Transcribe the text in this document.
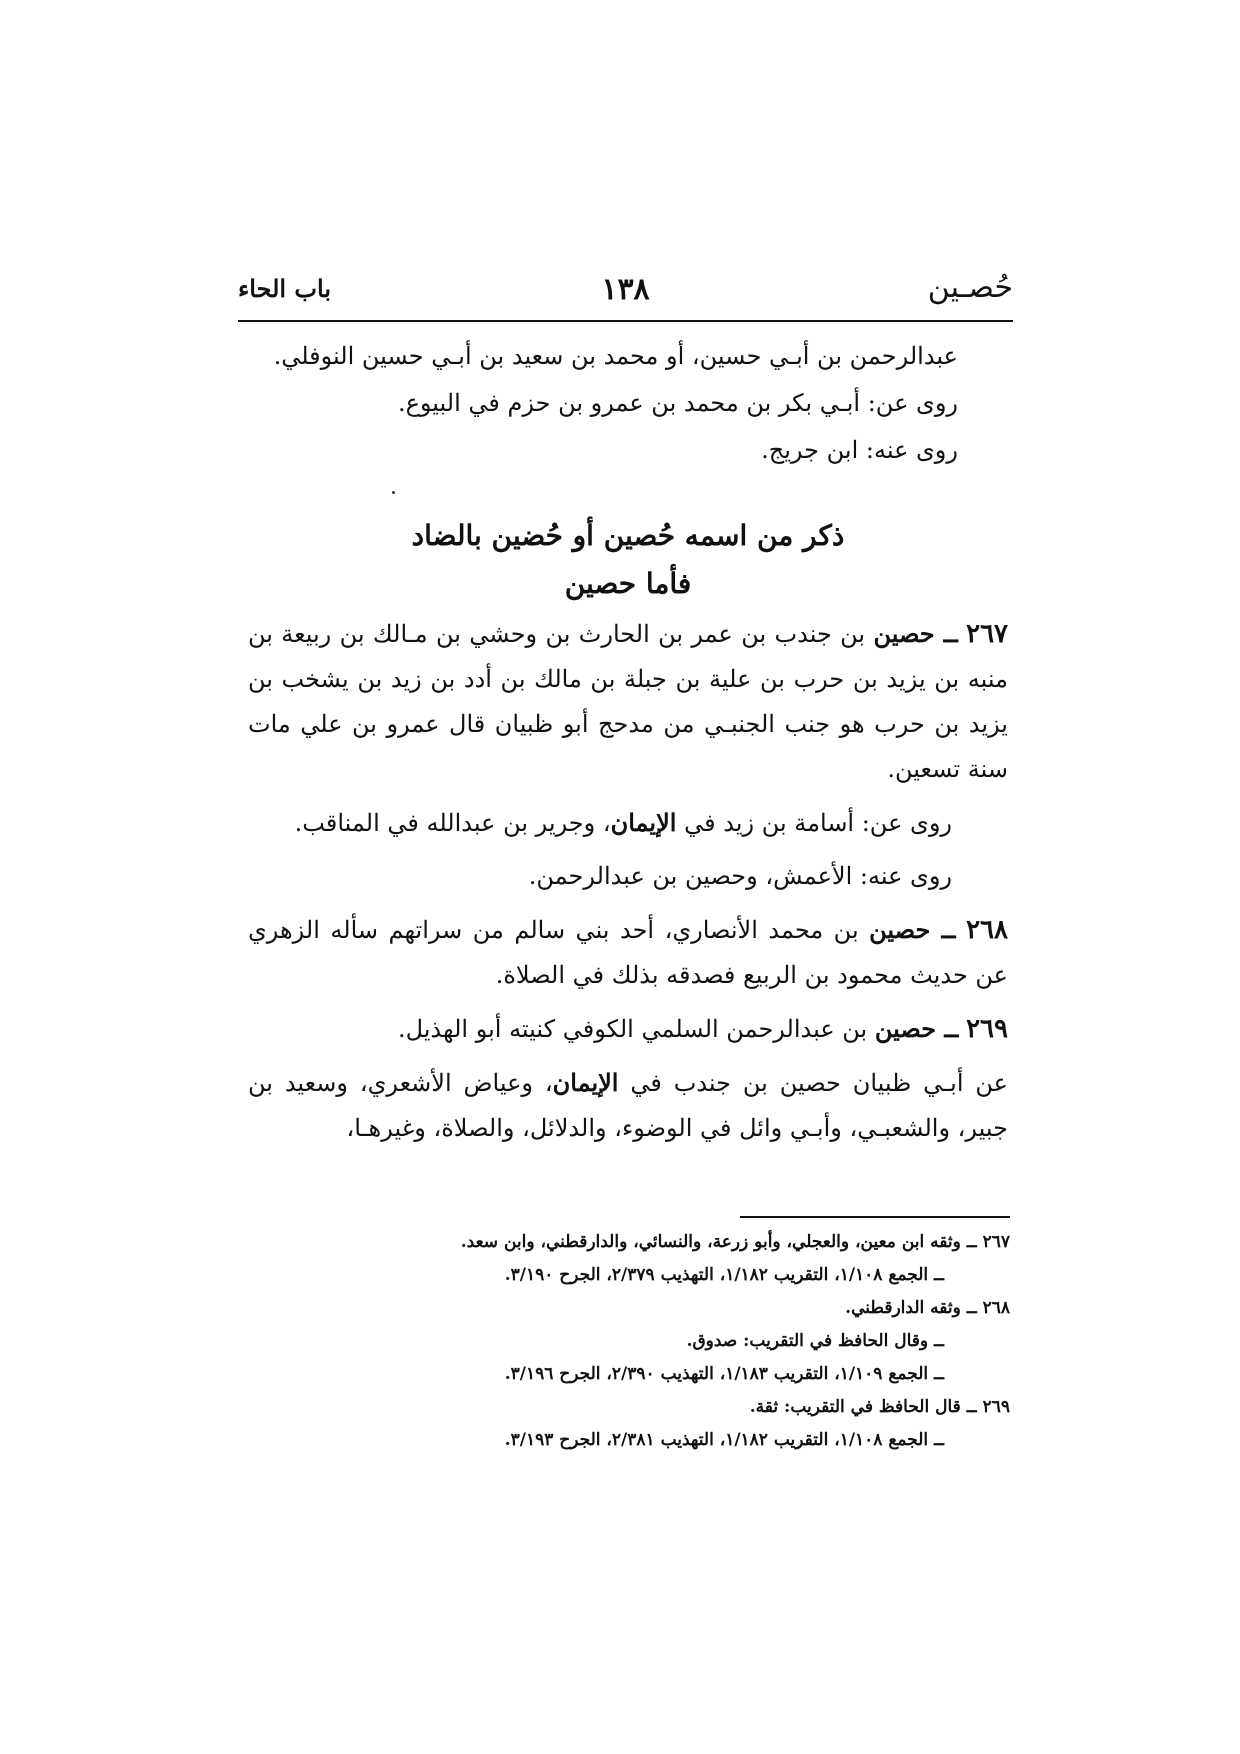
حُصـين
١٣٨
باب الحاء

عبدالرحمن بن أبـي حسين، أو محمد بن سعيد بن أبـي حسين النوفلي.

روى عن: أبـي بكر بن محمد بن عمرو بن حزم في البيوع.

روى عنه: ابن جريج.

ذكر من اسمه حُصين أو حُضين بالضاد
فأما حصين

٢٦٧ ــ حصين بن جندب بن عمر بن الحارث بن وحشي بن مـالك بن ربيعة بن منبه بن يزيد بن حرب بن علية بن جبلة بن مالك بن أدد بن زيد بن يشخب بن يزيد بن حرب هو جنب الجنبـي من مدحج أبو ظبيان قال عمرو بن علي مات سنة تسعين.

روى عن: أسامة بن زيد في الإيمان، وجرير بن عبدالله في المناقب.

روى عنه: الأعمش، وحصين بن عبدالرحمن.

٢٦٨ ــ حصين بن محمد الأنصاري، أحد بني سالم من سراتهم سأله الزهري عن حديث محمود بن الربيع فصدقه بذلك في الصلاة.

٢٦٩ ــ حصين بن عبدالرحمن السلمي الكوفي كنيته أبو الهذيل.

عن أبـي ظبيان حصين بن جندب في الإيمان، وعياض الأشعري، وسعيد بن جبير، والشعبـي، وأبـي وائل في الوضوء، والدلائل، والصلاة، وغيرهـا،

٢٦٧ ــ وثقه ابن معين، والعجلي، وأبو زرعة، والنسائي، والدارقطني، وابن سعد.

ــ الجمع ١/١٠٨، التقريب ١/١٨٢، التهذيب ٢/٣٧٩، الجرح ٣/١٩٠.

٢٦٨ ــ وثقه الدارقطني.

ــ وقال الحافظ في التقريب: صدوق.

ــ الجمع ١/١٠٩، التقريب ١/١٨٣، التهذيب ٢/٣٩٠، الجرح ٣/١٩٦.

٢٦٩ ــ قال الحافظ في التقريب: ثقة.

ــ الجمع ١/١٠٨، التقريب ١/١٨٢، التهذيب ٢/٣٨١، الجرح ٣/١٩٣.
